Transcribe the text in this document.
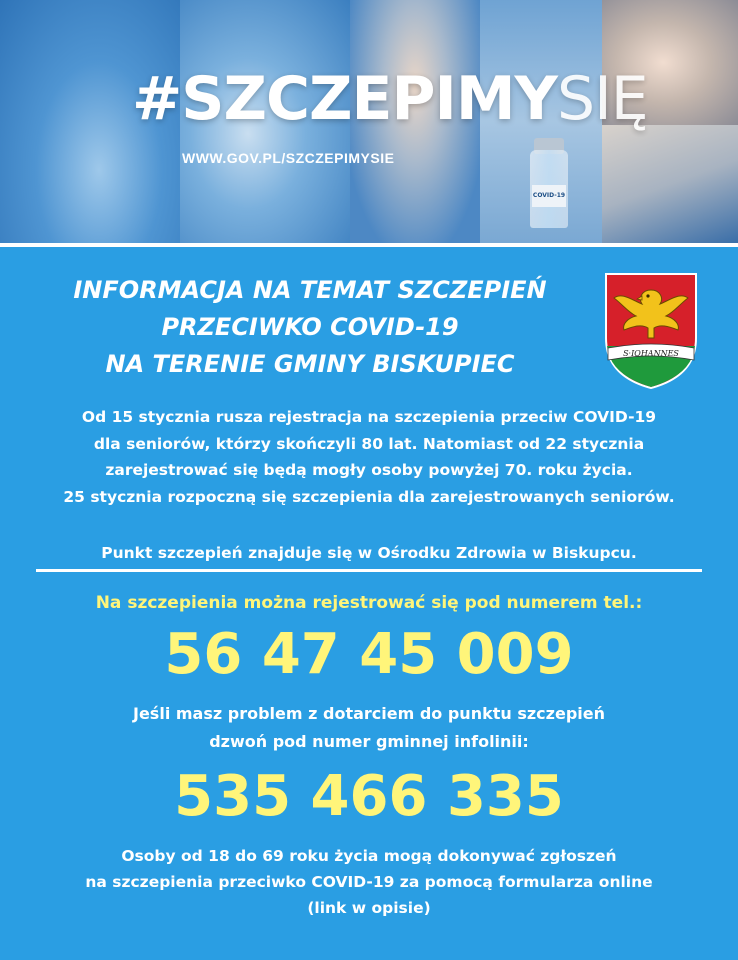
COVID-19
#SZCZEPIMYSIĘ
WWW.GOV.PL/SZCZEPIMYSIE
INFORMACJA NA TEMAT SZCZEPIEŃ
PRZECIWKO COVID-19
NA TERENIE GMINY BISKUPIEC	S·IOHANNES

Od 15 stycznia rusza rejestracja na szczepienia przeciw COVID-19
dla seniorów, którzy skończyli 80 lat. Natomiast od 22 stycznia
zarejestrować się będą mogły osoby powyżej 70. roku życia.
25 stycznia rozpoczną się szczepienia dla zarejestrowanych seniorów.

Punkt szczepień znajduje się w Ośrodku Zdrowia w Biskupcu.
Na szczepienia można rejestrować się pod numerem tel.:
56 47 45 009

Jeśli masz problem z dotarciem do punktu szczepień
dzwoń pod numer gminnej infolinii:

535 466 335

Osoby od 18 do 69 roku życia mogą dokonywać zgłoszeń
na szczepienia przeciwko COVID-19 za pomocą formularza online
(link w opisie)
